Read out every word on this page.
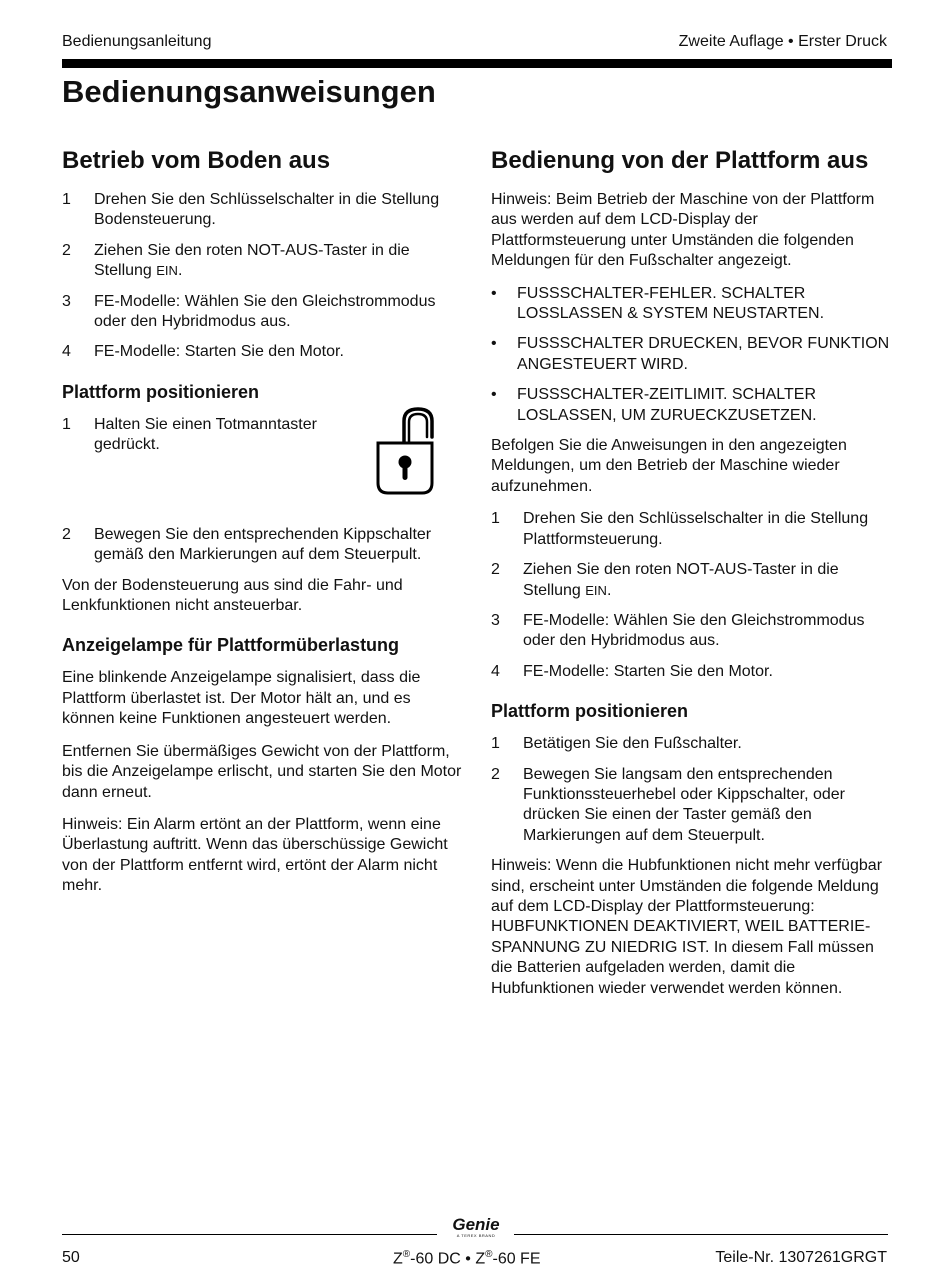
Bedienungsanleitung	Zweite Auflage • Erster Druck
Bedienungsanweisungen
Betrieb vom Boden aus
1 Drehen Sie den Schlüsselschalter in die Stellung Bodensteuerung.
2 Ziehen Sie den roten NOT-AUS-Taster in die Stellung EIN.
3 FE-Modelle: Wählen Sie den Gleichstrommodus oder den Hybridmodus aus.
4 FE-Modelle: Starten Sie den Motor.
Plattform positionieren
1 Halten Sie einen Totmanntaster gedrückt.
2 Bewegen Sie den entsprechenden Kippschalter gemäß den Markierungen auf dem Steuerpult.

Von der Bodensteuerung aus sind die Fahr- und Lenkfunktionen nicht ansteuerbar.

Anzeigelampe für Plattformüberlastung

Eine blinkende Anzeigelampe signalisiert, dass die Plattform überlastet ist. Der Motor hält an, und es können keine Funktionen angesteuert werden.

Entfernen Sie übermäßiges Gewicht von der Plattform, bis die Anzeigelampe erlischt, und starten Sie den Motor dann erneut.

Hinweis: Ein Alarm ertönt an der Plattform, wenn eine Überlastung auftritt. Wenn das überschüssige Gewicht von der Plattform entfernt wird, ertönt der Alarm nicht mehr.

Bedienung von der Plattform aus

Hinweis: Beim Betrieb der Maschine von der Plattform aus werden auf dem LCD-Display der Plattformsteuerung unter Umständen die folgenden Meldungen für den Fußschalter angezeigt.

• FUSSSCHALTER-FEHLER. SCHALTER LOSSLASSEN & SYSTEM NEUSTARTEN.
• FUSSSCHALTER DRUECKEN, BEVOR FUNKTION ANGESTEUERT WIRD.
• FUSSSCHALTER-ZEITLIMIT. SCHALTER LOSLASSEN, UM ZURUECKZUSETZEN.

Befolgen Sie die Anweisungen in den angezeigten Meldungen, um den Betrieb der Maschine wieder aufzunehmen.

1 Drehen Sie den Schlüsselschalter in die Stellung Plattformsteuerung.
2 Ziehen Sie den roten NOT-AUS-Taster in die Stellung EIN.
3 FE-Modelle: Wählen Sie den Gleichstrommodus oder den Hybridmodus aus.
4 FE-Modelle: Starten Sie den Motor.
Plattform positionieren
1 Betätigen Sie den Fußschalter.
2 Bewegen Sie langsam den entsprechenden Funktionssteuerhebel oder Kippschalter, oder drücken Sie einen der Taster gemäß den Markierungen auf dem Steuerpult.

Hinweis: Wenn die Hubfunktionen nicht mehr verfügbar sind, erscheint unter Umständen die folgende Meldung auf dem LCD-Display der Plattformsteuerung: HUBFUNKTIONEN DEAKTIVIERT, WEIL BATTERIE-SPANNUNG ZU NIEDRIG IST. In diesem Fall müssen die Batterien aufgeladen werden, damit die Hubfunktionen wieder verwendet werden können.

Genie
A TEREX BRAND
50	Z®-60 DC • Z®-60 FE	Teile-Nr. 1307261GRGT
